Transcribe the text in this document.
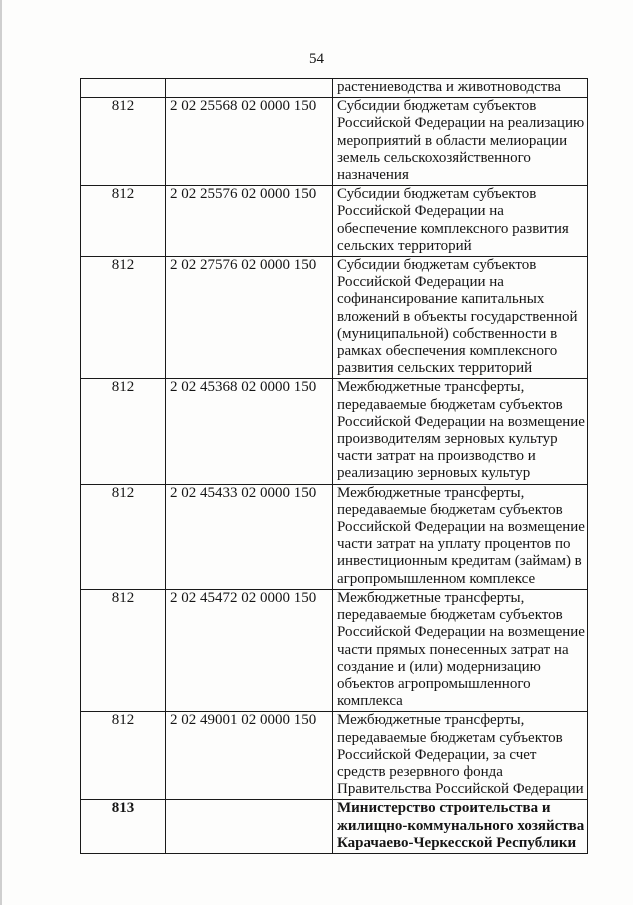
54
		растениеводства и животноводства
812	2 02 25568 02 0000 150	Субсидии бюджетам субъектов Российской Федерации на реализацию мероприятий в области мелиорации земель сельскохозяйственного назначения
812	2 02 25576 02 0000 150	Субсидии бюджетам субъектов Российской Федерации на обеспечение комплексного развития сельских территорий
812	2 02 27576 02 0000 150	Субсидии бюджетам субъектов Российской Федерации на софинансирование капитальных вложений в объекты государственной (муниципальной) собственности в рамках обеспечения комплексного развития сельских территорий
812	2 02 45368 02 0000 150	Межбюджетные трансферты, передаваемые бюджетам субъектов Российской Федерации на возмещение производителям зерновых культур части затрат на производство и реализацию зерновых культур
812	2 02 45433 02 0000 150	Межбюджетные трансферты, передаваемые бюджетам субъектов Российской Федерации на возмещение части затрат на уплату процентов по инвестиционным кредитам (займам) в агропромышленном комплексе
812	2 02 45472 02 0000 150	Межбюджетные трансферты, передаваемые бюджетам субъектов Российской Федерации на возмещение части прямых понесенных затрат на создание и (или) модернизацию объектов агропромышленного комплекса
812	2 02 49001 02 0000 150	Межбюджетные трансферты, передаваемые бюджетам субъектов Российской Федерации, за счет средств резервного фонда Правительства Российской Федерации
813		Министерство строительства и жилищно-коммунального хозяйства Карачаево-Черкесской Республики
